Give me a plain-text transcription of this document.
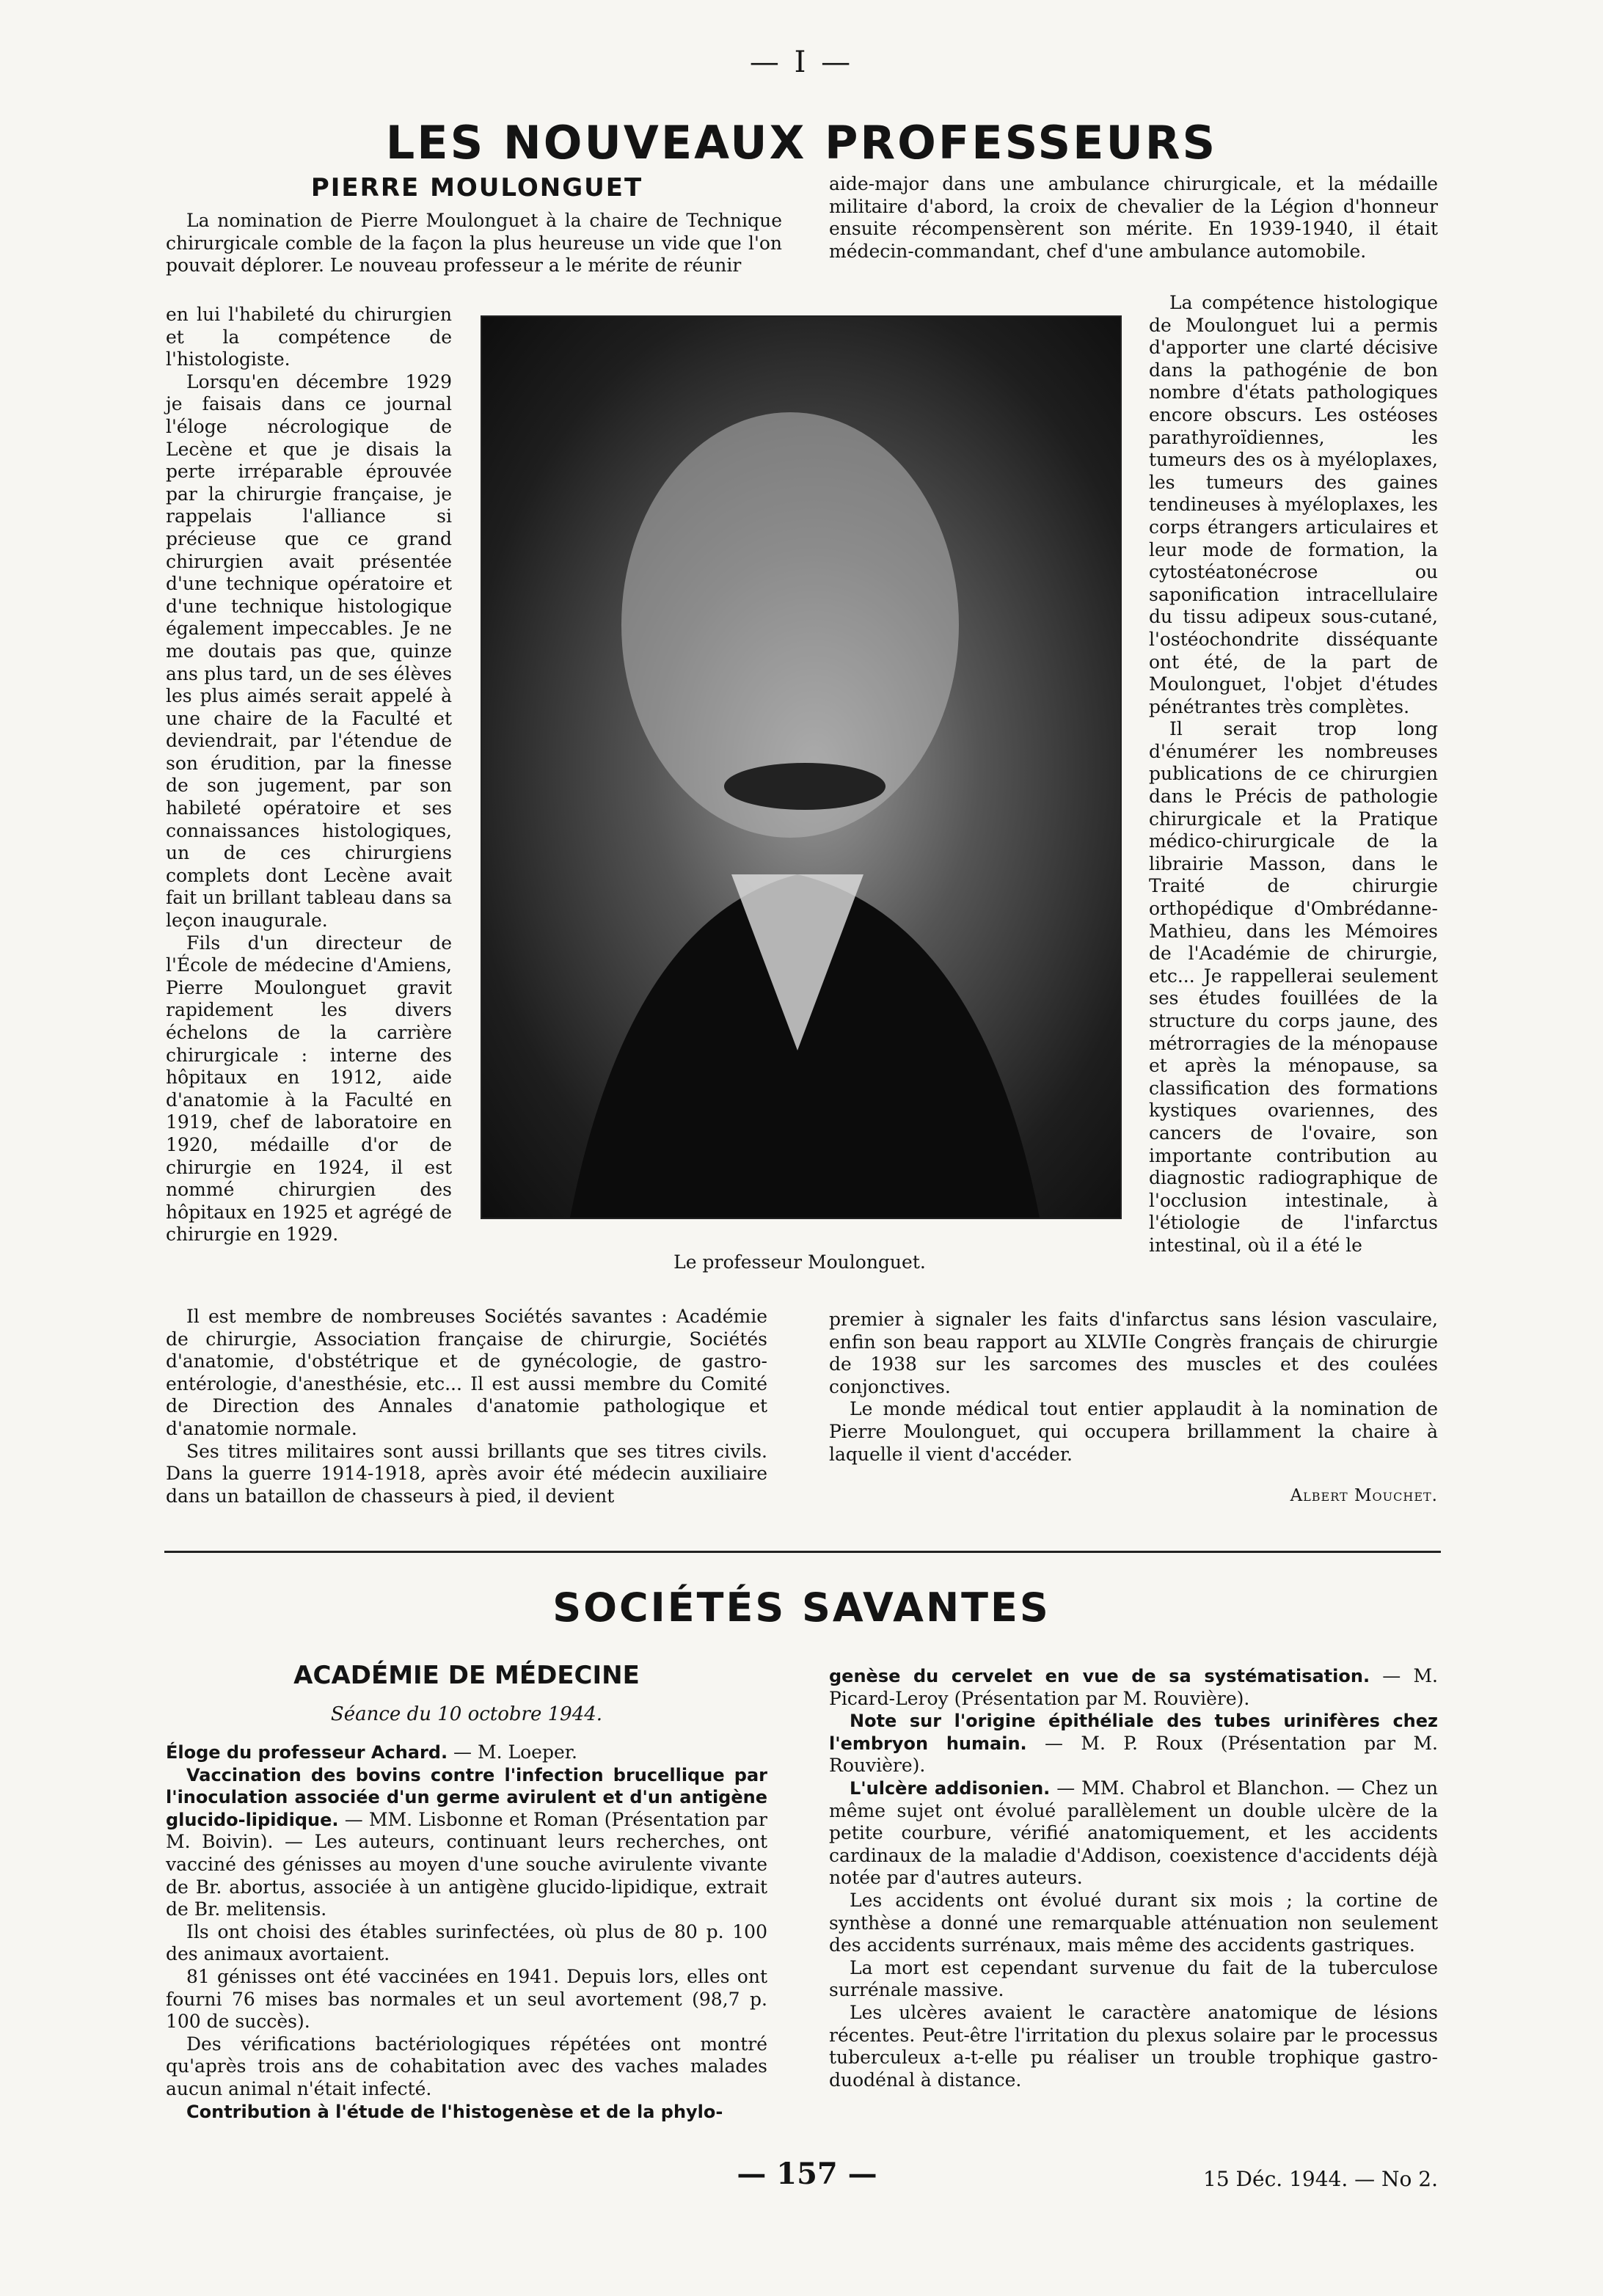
— I —
LES NOUVEAUX PROFESSEURS
PIERRE MOULONGUET

La nomination de Pierre Moulonguet à la chaire de Technique chirurgicale comble de la façon la plus heureuse un vide que l'on pouvait déplorer. Le nouveau professeur a le mérite de réunir

en lui l'habileté du chirurgien et la compétence de l'histologiste.

Lorsqu'en décembre 1929 je faisais dans ce journal l'éloge nécrologique de Lecène et que je disais la perte irréparable éprouvée par la chirurgie française, je rappelais l'alliance si précieuse que ce grand chirurgien avait présentée d'une technique opératoire et d'une technique histologique également impeccables. Je ne me doutais pas que, quinze ans plus tard, un de ses élèves les plus aimés serait appelé à une chaire de la Faculté et deviendrait, par l'étendue de son érudition, par la finesse de son jugement, par son habileté opératoire et ses connaissances histologiques, un de ces chirurgiens complets dont Lecène avait fait un brillant tableau dans sa leçon inaugurale.

Fils d'un directeur de l'École de médecine d'Amiens, Pierre Moulonguet gravit rapidement les divers échelons de la carrière chirurgicale : interne des hôpitaux en 1912, aide d'anatomie à la Faculté en 1919, chef de laboratoire en 1920, médaille d'or de chirurgie en 1924, il est nommé chirurgien des hôpitaux en 1925 et agrégé de chirurgie en 1929.

aide-major dans une ambulance chirurgicale, et la médaille militaire d'abord, la croix de chevalier de la Légion d'honneur ensuite récompensèrent son mérite. En 1939-1940, il était médecin-commandant, chef d'une ambulance automobile.

Le professeur Moulonguet.

La compétence histologique de Moulonguet lui a permis d'apporter une clarté décisive dans la pathogénie de bon nombre d'états pathologiques encore obscurs. Les ostéoses parathyroïdiennes, les tumeurs des os à myéloplaxes, les tumeurs des gaines tendineuses à myéloplaxes, les corps étrangers articulaires et leur mode de formation, la cytostéatonécrose ou saponification intracellulaire du tissu adipeux sous-cutané, l'ostéochondrite disséquante ont été, de la part de Moulonguet, l'objet d'études pénétrantes très complètes.

Il serait trop long d'énumérer les nombreuses publications de ce chirurgien dans le Précis de pathologie chirurgicale et la Pratique médico-chirurgicale de la librairie Masson, dans le Traité de chirurgie orthopédique d'Ombrédanne-Mathieu, dans les Mémoires de l'Académie de chirurgie, etc... Je rappellerai seulement ses études fouillées de la structure du corps jaune, des métrorragies de la ménopause et après la ménopause, sa classification des formations kystiques ovariennes, des cancers de l'ovaire, son importante contribution au diagnostic radiographique de l'occlusion intestinale, à l'étiologie de l'infarctus intestinal, où il a été le

Il est membre de nombreuses Sociétés savantes : Académie de chirurgie, Association française de chirurgie, Sociétés d'anatomie, d'obstétrique et de gynécologie, de gastro-entérologie, d'anesthésie, etc... Il est aussi membre du Comité de Direction des Annales d'anatomie pathologique et d'anatomie normale.

Ses titres militaires sont aussi brillants que ses titres civils. Dans la guerre 1914-1918, après avoir été médecin auxiliaire dans un bataillon de chasseurs à pied, il devient

premier à signaler les faits d'infarctus sans lésion vasculaire, enfin son beau rapport au XLVIIe Congrès français de chirurgie de 1938 sur les sarcomes des muscles et des coulées conjonctives.

Le monde médical tout entier applaudit à la nomination de Pierre Moulonguet, qui occupera brillamment la chaire à laquelle il vient d'accéder.

Albert Mouchet.
SOCIÉTÉS SAVANTES
ACADÉMIE DE MÉDECINE
Séance du 10 octobre 1944.

Éloge du professeur Achard. — M. Loeper.

Vaccination des bovins contre l'infection brucellique par l'inoculation associée d'un germe avirulent et d'un antigène glucido-lipidique. — MM. Lisbonne et Roman (Présentation par M. Boivin). — Les auteurs, continuant leurs recherches, ont vacciné des génisses au moyen d'une souche avirulente vivante de Br. abortus, associée à un antigène glucido-lipidique, extrait de Br. melitensis.

Ils ont choisi des étables surinfectées, où plus de 80 p. 100 des animaux avortaient.

81 génisses ont été vaccinées en 1941. Depuis lors, elles ont fourni 76 mises bas normales et un seul avortement (98,7 p. 100 de succès).

Des vérifications bactériologiques répétées ont montré qu'après trois ans de cohabitation avec des vaches malades aucun animal n'était infecté.

Contribution à l'étude de l'histogenèse et de la phylo-

genèse du cervelet en vue de sa systématisation. — M. Picard-Leroy (Présentation par M. Rouvière).

Note sur l'origine épithéliale des tubes urinifères chez l'embryon humain. — M. P. Roux (Présentation par M. Rouvière).

L'ulcère addisonien. — MM. Chabrol et Blanchon. — Chez un même sujet ont évolué parallèlement un double ulcère de la petite courbure, vérifié anatomiquement, et les accidents cardinaux de la maladie d'Addison, coexistence d'accidents déjà notée par d'autres auteurs.

Les accidents ont évolué durant six mois ; la cortine de synthèse a donné une remarquable atténuation non seulement des accidents surrénaux, mais même des accidents gastriques.

La mort est cependant survenue du fait de la tuberculose surrénale massive.

Les ulcères avaient le caractère anatomique de lésions récentes. Peut-être l'irritation du plexus solaire par le processus tuberculeux a-t-elle pu réaliser un trouble trophique gastro-duodénal à distance.

— 157 —	15 Déc. 1944. — No 2.
